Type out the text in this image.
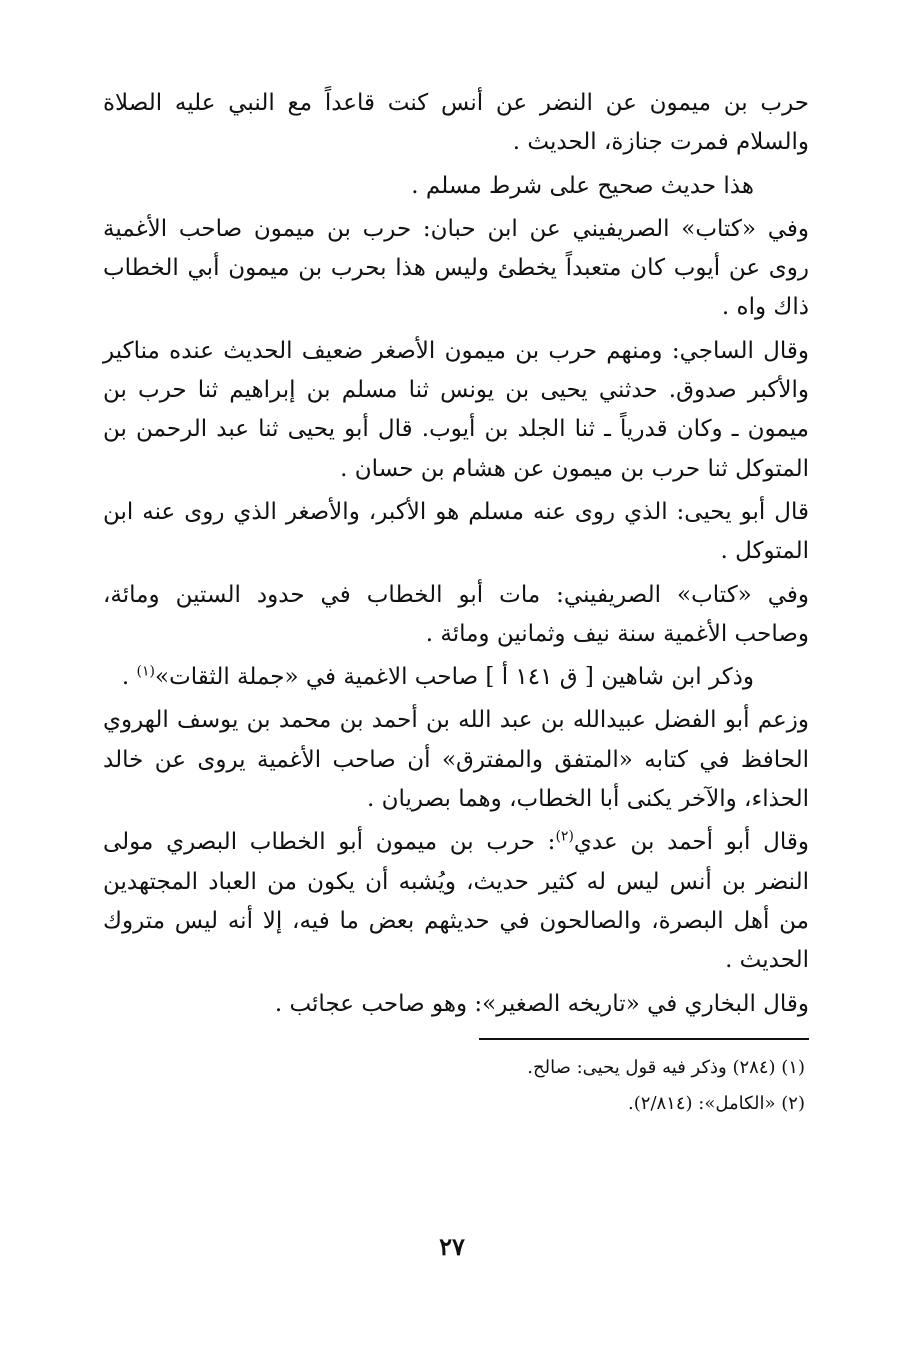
حرب بن ميمون عن النضر عن أنس كنت قاعداً مع النبي عليه الصلاة والسلام فمرت جنازة، الحديث .

هذا حديث صحيح على شرط مسلم .

وفي «كتاب» الصريفيني عن ابن حبان: حرب بن ميمون صاحب الأغمية روى عن أيوب كان متعبداً يخطئ وليس هذا بحرب بن ميمون أبي الخطاب ذاك واه .

وقال الساجي: ومنهم حرب بن ميمون الأصغر ضعيف الحديث عنده مناكير والأكبر صدوق. حدثني يحيى بن يونس ثنا مسلم بن إبراهيم ثنا حرب بن ميمون ـ وكان قدرياً ـ ثنا الجلد بن أيوب. قال أبو يحيى ثنا عبد الرحمن بن المتوكل ثنا حرب بن ميمون عن هشام بن حسان .

قال أبو يحيى: الذي روى عنه مسلم هو الأكبر، والأصغر الذي روى عنه ابن المتوكل .

وفي «كتاب» الصريفيني: مات أبو الخطاب في حدود الستين ومائة، وصاحب الأغمية سنة نيف وثمانين ومائة .

وذكر ابن شاهين [ ق ١٤١ أ ] صاحب الاغمية في «جملة الثقات»$^{(١)}$ .

وزعم أبو الفضل عبيدالله بن عبد الله بن أحمد بن محمد بن يوسف الهروي الحافظ في كتابه «المتفق والمفترق» أن صاحب الأغمية يروى عن خالد الحذاء، والآخر يكنى أبا الخطاب، وهما بصريان .

وقال أبو أحمد بن عدي$^{(٢)}$: حرب بن ميمون أبو الخطاب البصري مولى النضر بن أنس ليس له كثير حديث، ويُشبه أن يكون من العباد المجتهدين من أهل البصرة، والصالحون في حديثهم بعض ما فيه، إلا أنه ليس متروك الحديث .

وقال البخاري في «تاريخه الصغير»: وهو صاحب عجائب .

(١) (٢٨٤) وذكر فيه قول يحيى: صالح.

(٢) «الكامل»: (٢/٨١٤).

٢٧
